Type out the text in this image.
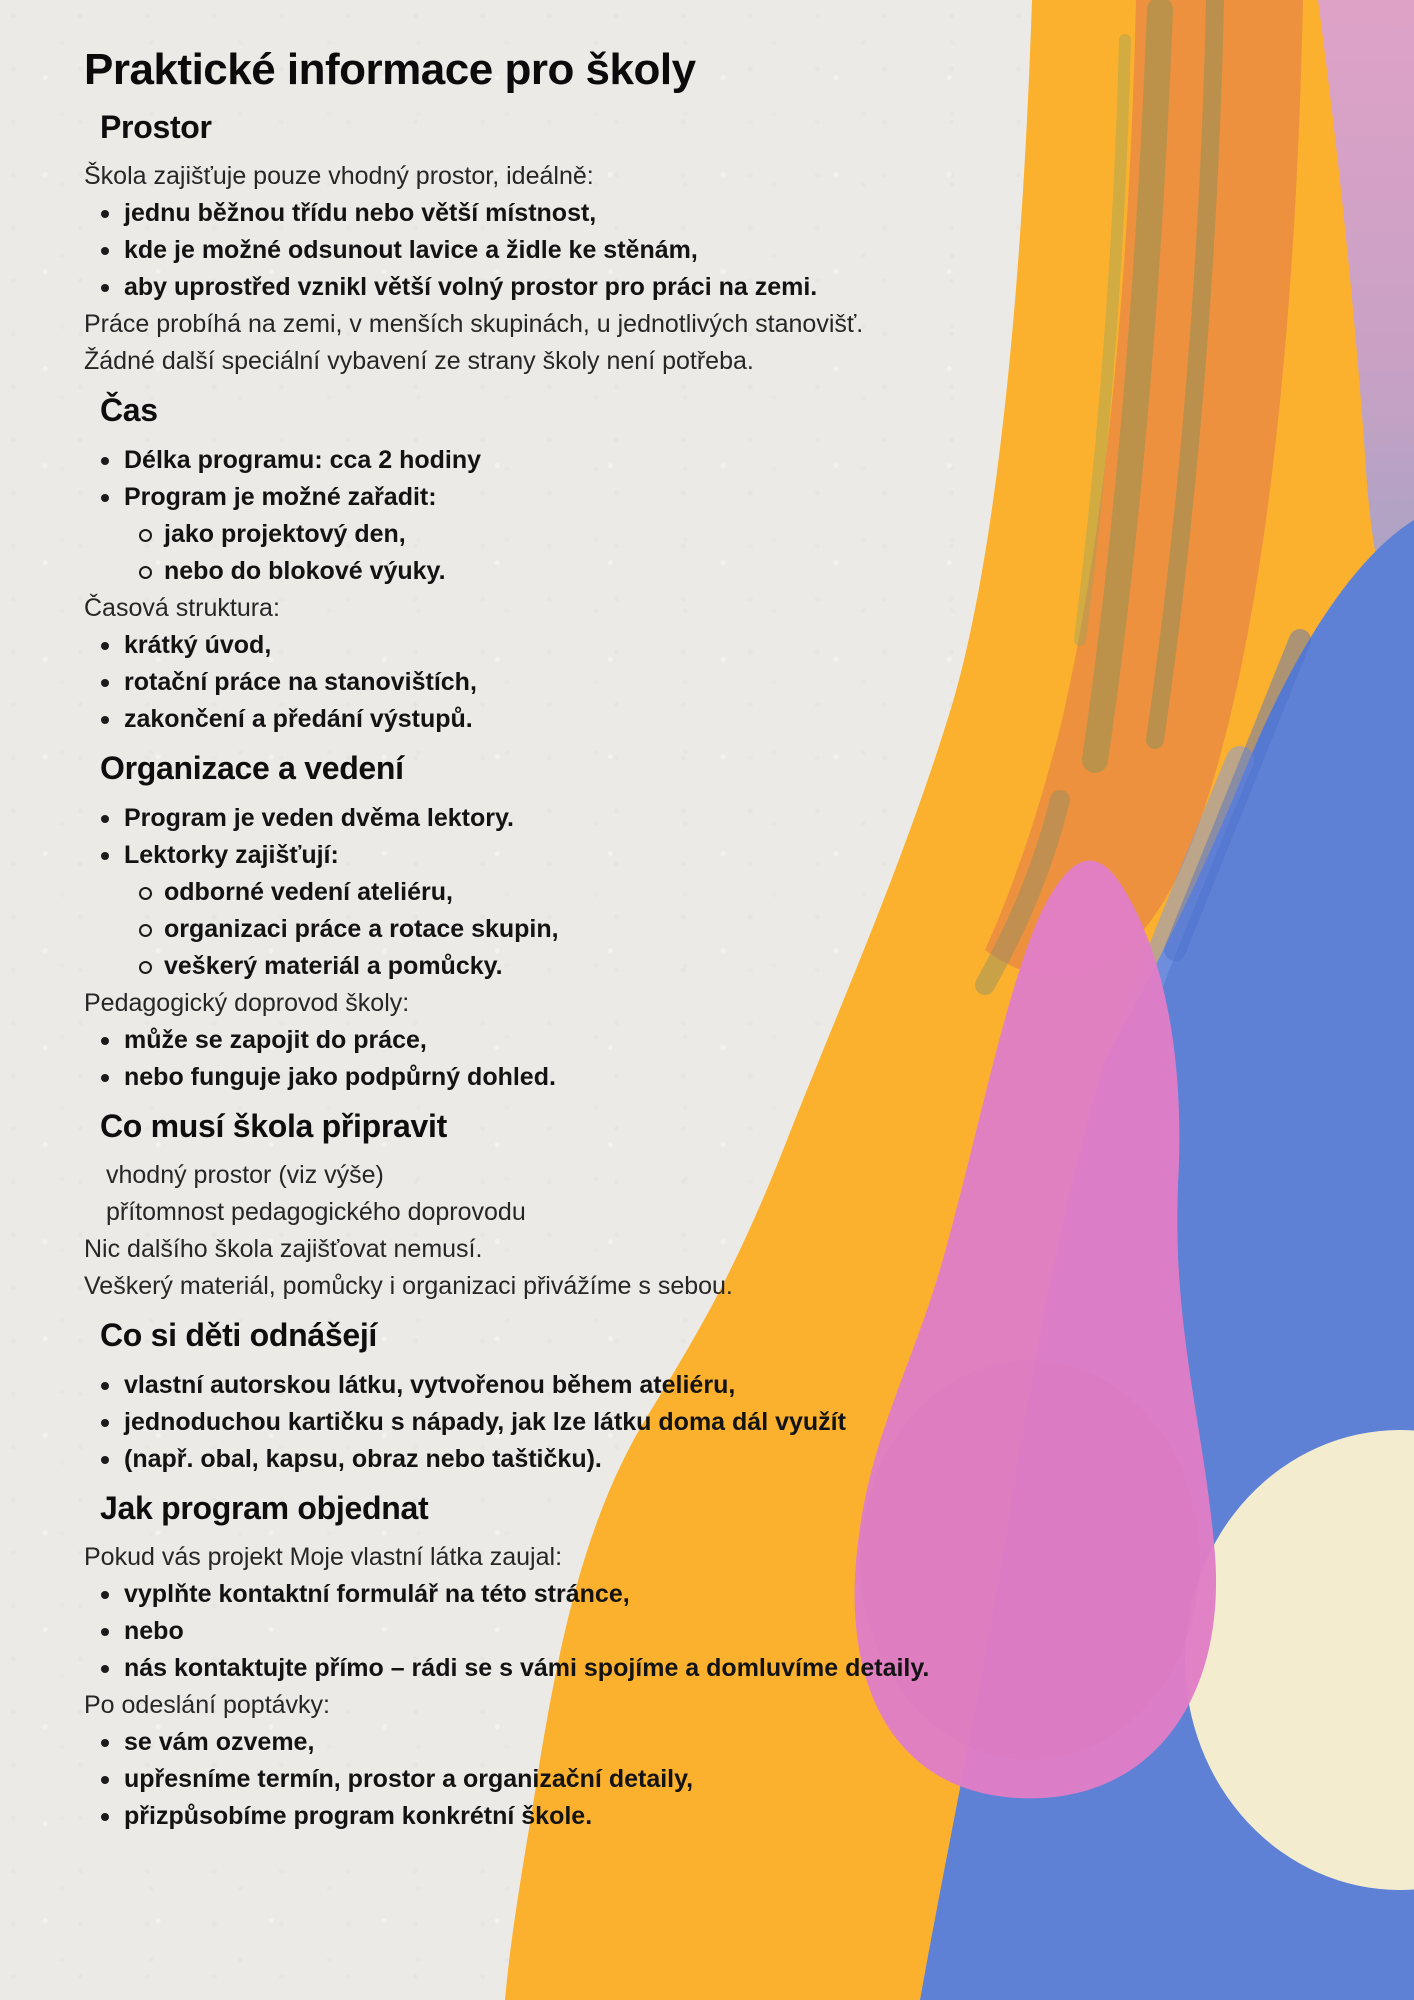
Praktické informace pro školy
Prostor
Škola zajišťuje pouze vhodný prostor, ideálně:
jednu běžnou třídu nebo větší místnost,
kde je možné odsunout lavice a židle ke stěnám,
aby uprostřed vznikl větší volný prostor pro práci na zemi.
Práce probíhá na zemi, v menších skupinách, u jednotlivých stanovišť.
Žádné další speciální vybavení ze strany školy není potřeba.
Čas
Délka programu: cca 2 hodiny
Program je možné zařadit:
jako projektový den,
nebo do blokové výuky.
Časová struktura:
krátký úvod,
rotační práce na stanovištích,
zakončení a předání výstupů.
Organizace a vedení
Program je veden dvěma lektory.
Lektorky zajišťují:
odborné vedení ateliéru,
organizaci práce a rotace skupin,
veškerý materiál a pomůcky.
Pedagogický doprovod školy:
může se zapojit do práce,
nebo funguje jako podpůrný dohled.
Co musí škola připravit
vhodný prostor (viz výše)
přítomnost pedagogického doprovodu
Nic dalšího škola zajišťovat nemusí.
Veškerý materiál, pomůcky i organizaci přivážíme s sebou.
Co si děti odnášejí
vlastní autorskou látku, vytvořenou během ateliéru,
jednoduchou kartičku s nápady, jak lze látku doma dál využít
(např. obal, kapsu, obraz nebo taštičku).
Jak program objednat
Pokud vás projekt Moje vlastní látka zaujal:
vyplňte kontaktní formulář na této stránce,
nebo
nás kontaktujte přímo – rádi se s vámi spojíme a domluvíme detaily.
Po odeslání poptávky:
se vám ozveme,
upřesníme termín, prostor a organizační detaily,
přizpůsobíme program konkrétní škole.
